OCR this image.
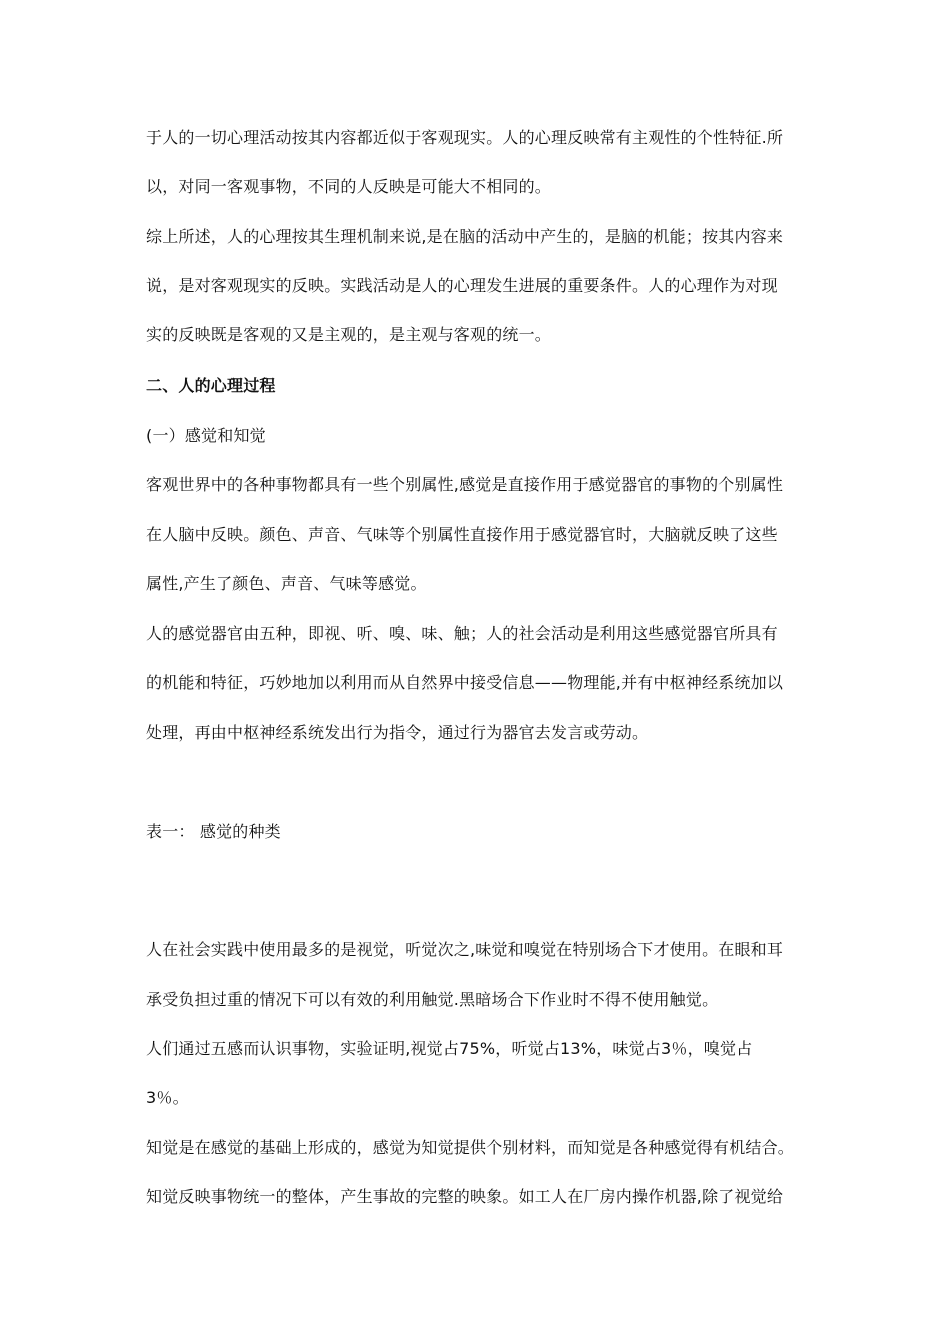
于人的一切心理活动按其内容都近似于客观现实。人的心理反映常有主观性的个性特征.所
以，对同一客观事物，不同的人反映是可能大不相同的。
综上所述，人的心理按其生理机制来说,是在脑的活动中产生的，是脑的机能；按其内容来
说，是对客观现实的反映。实践活动是人的心理发生进展的重要条件。人的心理作为对现
实的反映既是客观的又是主观的，是主观与客观的统一。
二、人的心理过程
(一）感觉和知觉
客观世界中的各种事物都具有一些个别属性,感觉是直接作用于感觉器官的事物的个别属性
在人脑中反映。颜色、声音、气味等个别属性直接作用于感觉器官时，大脑就反映了这些
属性,产生了颜色、声音、气味等感觉。
人的感觉器官由五种，即视、听、嗅、味、触；人的社会活动是利用这些感觉器官所具有
的机能和特征，巧妙地加以利用而从自然界中接受信息——物理能,并有中枢神经系统加以
处理，再由中枢神经系统发出行为指令，通过行为器官去发言或劳动。
表一： 感觉的种类
人在社会实践中使用最多的是视觉，听觉次之,味觉和嗅觉在特别场合下才使用。在眼和耳
承受负担过重的情况下可以有效的利用触觉.黑暗场合下作业时不得不使用触觉。
人们通过五感而认识事物，实验证明,视觉占75%，听觉占13%，味觉占3％，嗅觉占
3％。
知觉是在感觉的基础上形成的，感觉为知觉提供个别材料，而知觉是各种感觉得有机结合。
知觉反映事物统一的整体，产生事故的完整的映象。如工人在厂房内操作机器,除了视觉给
